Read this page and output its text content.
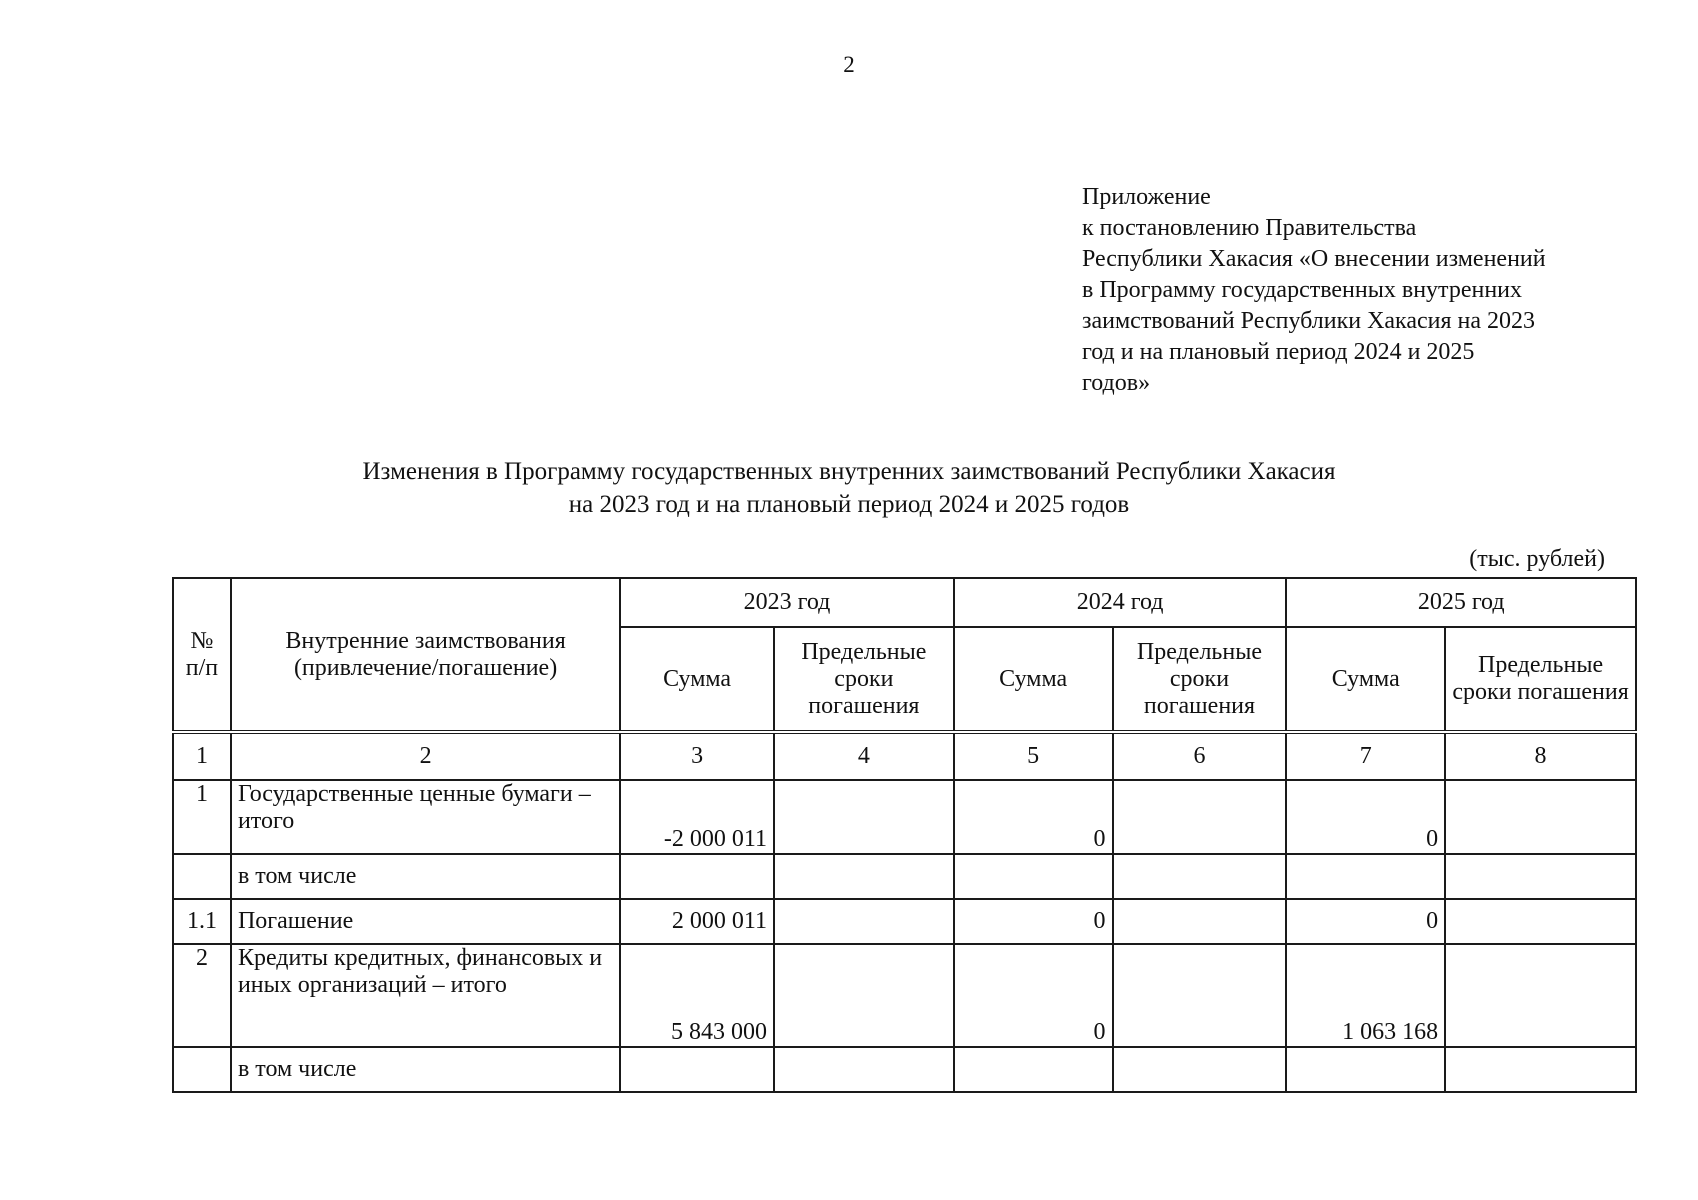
2
Приложение
к постановлению Правительства
Республики Хакасия «О внесении изменений
в Программу государственных внутренних
заимствований Республики Хакасия на 2023
год и на плановый период 2024 и 2025
годов»
Изменения в Программу государственных внутренних заимствований Республики Хакасия
на 2023 год и на плановый период 2024 и 2025 годов
(тыс. рублей)
№ п/п	Внутренние заимствования (привлечение/погашение)	2023 год		2024 год		2025 год	
		Сумма	Предельные сроки погашения	Сумма	Предельные сроки погашения	Сумма	Предельные сроки погашения
1	2	3	4	5	6	7	8
1	Государственные ценные бумаги – итого	-2 000 011		0		0	
	в том числе						
1.1	Погашение	2 000 011		0		0	
2	Кредиты кредитных, финансовых и иных организаций – итого	5 843 000		0		1 063 168	
	в том числе						
